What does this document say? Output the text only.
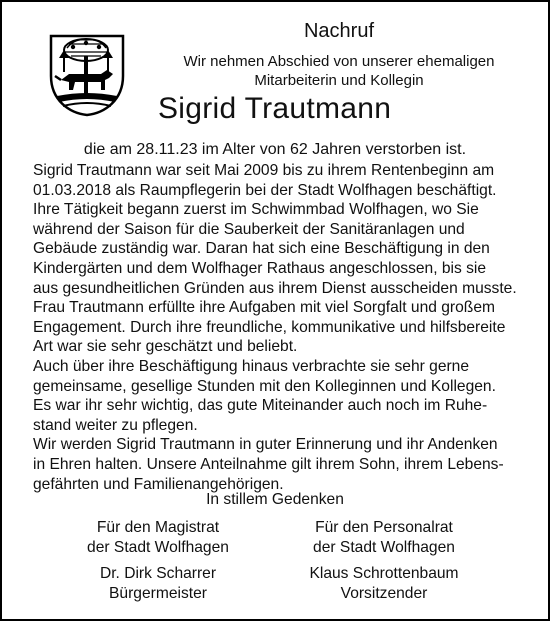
Nachruf
Wir nehmen Abschied von unserer ehemaligen
Mitarbeiterin und Kollegin
Sigrid Trautmann
die am 28.11.23 im Alter von 62 Jahren verstorben ist.
Sigrid Trautmann war seit Mai 2009 bis zu ihrem Rentenbeginn am
01.03.2018 als Raumpflegerin bei der Stadt Wolfhagen beschäftigt.
Ihre Tätigkeit begann zuerst im Schwimmbad Wolfhagen, wo Sie
während der Saison für die Sauberkeit der Sanitäranlagen und
Gebäude zuständig war. Daran hat sich eine Beschäftigung in den
Kindergärten und dem Wolfhager Rathaus angeschlossen, bis sie
aus gesundheitlichen Gründen aus ihrem Dienst ausscheiden musste.
Frau Trautmann erfüllte ihre Aufgaben mit viel Sorgfalt und großem
Engagement. Durch ihre freundliche, kommunikative und hilfsbereite
Art war sie sehr geschätzt und beliebt.
Auch über ihre Beschäftigung hinaus verbrachte sie sehr gerne
gemeinsame, gesellige Stunden mit den Kolleginnen und Kollegen.
Es war ihr sehr wichtig, das gute Miteinander auch noch im Ruhe-
stand weiter zu pflegen.
Wir werden Sigrid Trautmann in guter Erinnerung und ihr Andenken
in Ehren halten. Unsere Anteilnahme gilt ihrem Sohn, ihrem Lebens-
gefährten und Familienangehörigen.
In stillem Gedenken
Für den Magistrat
der Stadt Wolfhagen
Für den Personalrat
der Stadt Wolfhagen
Dr. Dirk Scharrer
Bürgermeister
Klaus Schrottenbaum
Vorsitzender
